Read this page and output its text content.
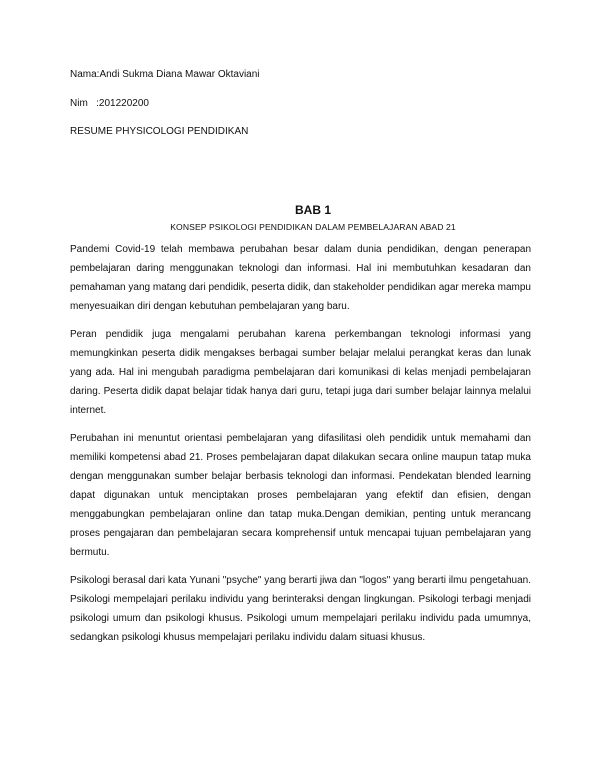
Nama:Andi Sukma Diana Mawar Oktaviani
Nim   :201220200
RESUME PHYSICOLOGI PENDIDIKAN
BAB 1
KONSEP PSIKOLOGI PENDIDIKAN DALAM PEMBELAJARAN ABAD 21

Pandemi Covid-19 telah membawa perubahan besar dalam dunia pendidikan, dengan penerapan pembelajaran daring menggunakan teknologi dan informasi. Hal ini membutuhkan kesadaran dan pemahaman yang matang dari pendidik, peserta didik, dan stakeholder pendidikan agar mereka mampu menyesuaikan diri dengan kebutuhan pembelajaran yang baru.

Peran pendidik juga mengalami perubahan karena perkembangan teknologi informasi yang memungkinkan peserta didik mengakses berbagai sumber belajar melalui perangkat keras dan lunak yang ada. Hal ini mengubah paradigma pembelajaran dari komunikasi di kelas menjadi pembelajaran daring. Peserta didik dapat belajar tidak hanya dari guru, tetapi juga dari sumber belajar lainnya melalui internet.

Perubahan ini menuntut orientasi pembelajaran yang difasilitasi oleh pendidik untuk memahami dan memiliki kompetensi abad 21. Proses pembelajaran dapat dilakukan secara online maupun tatap muka dengan menggunakan sumber belajar berbasis teknologi dan informasi. Pendekatan blended learning dapat digunakan untuk menciptakan proses pembelajaran yang efektif dan efisien, dengan menggabungkan pembelajaran online dan tatap muka.Dengan demikian, penting untuk merancang proses pengajaran dan pembelajaran secara komprehensif untuk mencapai tujuan pembelajaran yang bermutu.

Psikologi berasal dari kata Yunani "psyche" yang berarti jiwa dan "logos" yang berarti ilmu pengetahuan. Psikologi mempelajari perilaku individu yang berinteraksi dengan lingkungan. Psikologi terbagi menjadi psikologi umum dan psikologi khusus. Psikologi umum mempelajari perilaku individu pada umumnya, sedangkan psikologi khusus mempelajari perilaku individu dalam situasi khusus.
